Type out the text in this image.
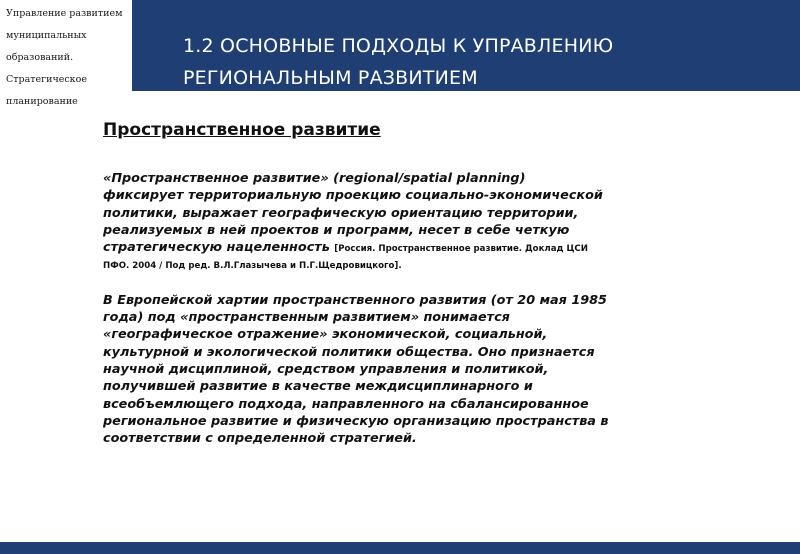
Управление развитием
муниципальных
образований.
Стратегическое
планирование
1.2 ОСНОВНЫЕ ПОДХОДЫ К УПРАВЛЕНИЮ
РЕГИОНАЛЬНЫМ РАЗВИТИЕМ
Пространственное развитие
«Пространственное развитие» (regional/spatial planning)
фиксирует территориальную проекцию социально-экономической
политики, выражает географическую ориентацию территории,
реализуемых в ней проектов и программ, несет в себе четкую
стратегическую нацеленность [Россия. Пространственное развитие. Доклад ЦСИ
ПФО. 2004 / Под ред. В.Л.Глазычева и П.Г.Щедровицкого].
В Европейской хартии пространственного развития (от 20 мая 1985
года) под «пространственным развитием» понимается
«географическое отражение» экономической, социальной,
культурной и экологической политики общества. Оно признается
научной дисциплиной, средством управления и политикой,
получившей развитие в качестве междисциплинарного и
всеобъемлющего подхода, направленного на сбалансированное
региональное развитие и физическую организацию пространства в
соответствии с определенной стратегией.
